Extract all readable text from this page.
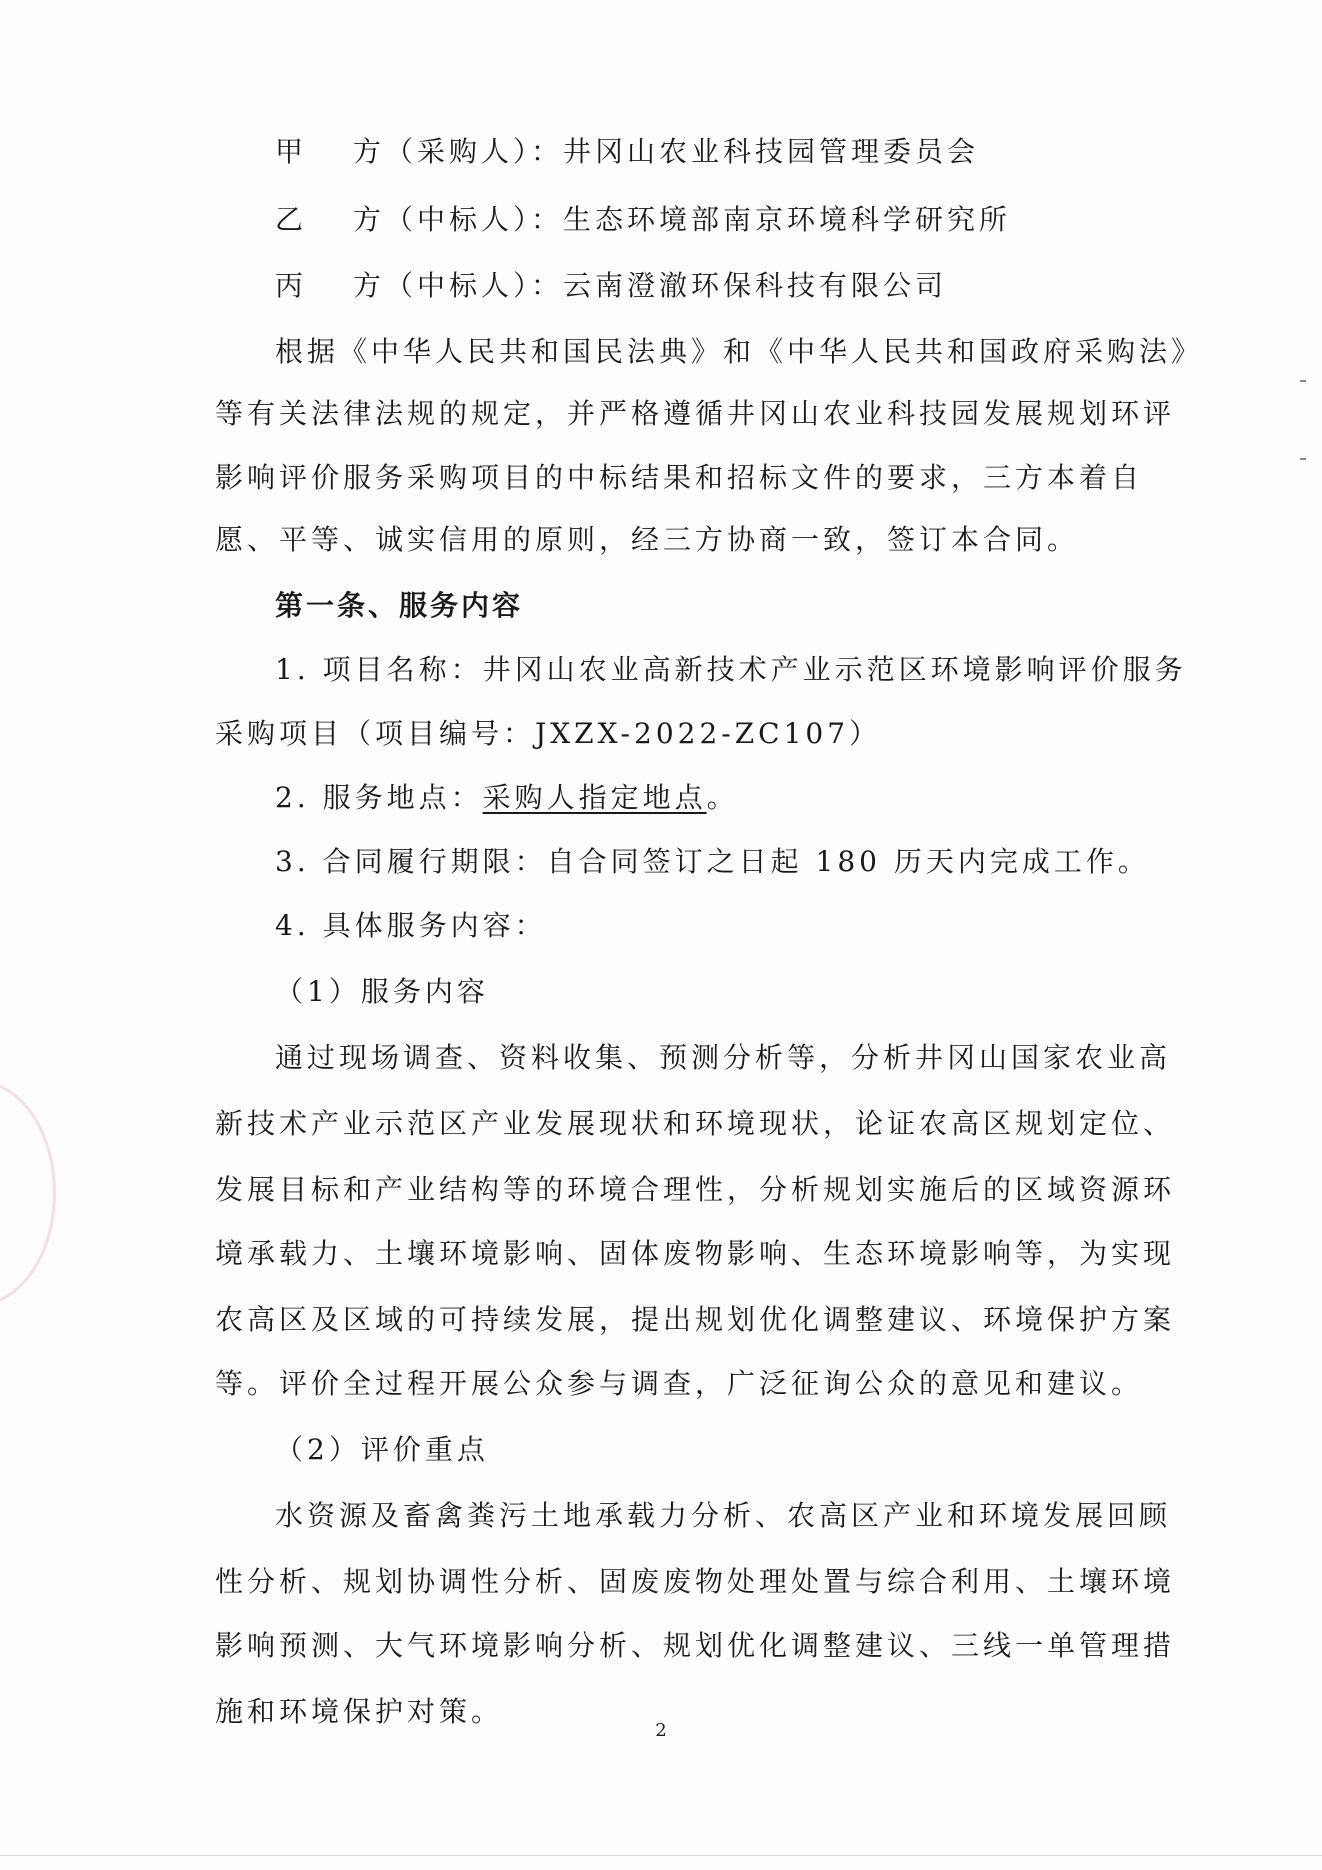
甲 方（采购人）：井冈山农业科技园管理委员会
乙 方（中标人）：生态环境部南京环境科学研究所
丙 方（中标人）：云南澄澈环保科技有限公司
根据《中华人民共和国民法典》和《中华人民共和国政府采购法》
等有关法律法规的规定，并严格遵循井冈山农业科技园发展规划环评
影响评价服务采购项目的中标结果和招标文件的要求，三方本着自
愿、平等、诚实信用的原则，经三方协商一致，签订本合同。
第一条、服务内容
1. 项目名称：井冈山农业高新技术产业示范区环境影响评价服务
采购项目（项目编号：JXZX-2022-ZC107）
2. 服务地点：采购人指定地点。
3. 合同履行期限：自合同签订之日起 180 历天内完成工作。
4. 具体服务内容：
（1）服务内容
通过现场调查、资料收集、预测分析等，分析井冈山国家农业高
新技术产业示范区产业发展现状和环境现状，论证农高区规划定位、
发展目标和产业结构等的环境合理性，分析规划实施后的区域资源环
境承载力、土壤环境影响、固体废物影响、生态环境影响等，为实现
农高区及区域的可持续发展，提出规划优化调整建议、环境保护方案
等。评价全过程开展公众参与调查，广泛征询公众的意见和建议。
（2）评价重点
水资源及畜禽粪污土地承载力分析、农高区产业和环境发展回顾
性分析、规划协调性分析、固废废物处理处置与综合利用、土壤环境
影响预测、大气环境影响分析、规划优化调整建议、三线一单管理措
施和环境保护对策。
2
